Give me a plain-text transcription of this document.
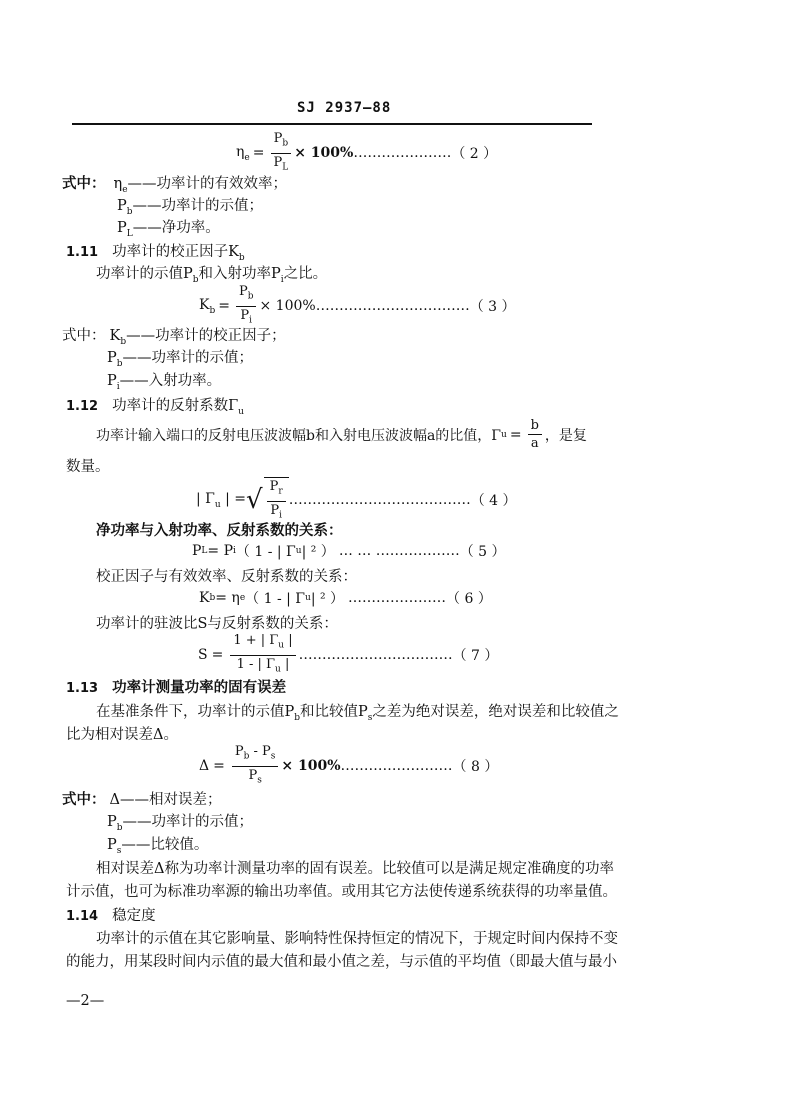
SJ 2937—88
$\eta_e = \frac{P_b}{P_L} \times 100\%$ ………………… （ 2 ）
式中： $\eta_e——$功率计的有效效率；
$P_b——$功率计的示值；
$P_L——$净功率。
1.11 功率计的校正因子$K_b$
功率计的示值$P_b$和入射功率$P_i$之比。
$K_b = \frac{P_b}{P_i} \times 100\%$ …………………………… （ 3 ）
式中： $K_b——$功率计的校正因子；
$P_b——$功率计的示值；
$P_i——$入射功率。
1.12 功率计的反射系数$\Gamma_u$
功率计输入端口的反射电压波波幅b和入射电压波波幅a的比值，Γ $u = \frac{b}{a}$ ，是复
数量。
| $\Gamma_u$ | = √ $\frac{P_r}{P_i}$ ………………………………… （ 4 ）
净功率与入射功率、反射系数的关系：
P L = P i （ 1 - | Γ u | ² ） … … ……………… （ 5 ）
校正因子与有效效率、反射系数的关系：
K b = η e （ 1 - | Γ u | ² ） ………………… （ 6 ）
功率计的驻波比S与反射系数的关系：
$S = \frac{1 + | \Gamma_u |}{1 - | \Gamma_u |}$ …………………………… （ 7 ）
1.13 功率计测量功率的固有误差
在基准条件下，功率计的示值$P_b$和比较值$P_s$之差为绝对误差，绝对误差和比较值之
比为相对误差Δ。
$\Delta = \frac{P_b - P_s}{P_s} \times 100\%$ …………………… （ 8 ）
式中： Δ——相对误差；
$P_b——$功率计的示值；
$P_s——$比较值。
相对误差Δ称为功率计测量功率的固有误差。比较值可以是满足规定准确度的功率
计示值，也可为标准功率源的输出功率值。或用其它方法使传递系统获得的功率量值。
1.14 稳定度
功率计的示值在其它影响量、影响特性保持恒定的情况下，于规定时间内保持不变
的能力，用某段时间内示值的最大值和最小值之差，与示值的平均值（即最大值与最小
—2—
